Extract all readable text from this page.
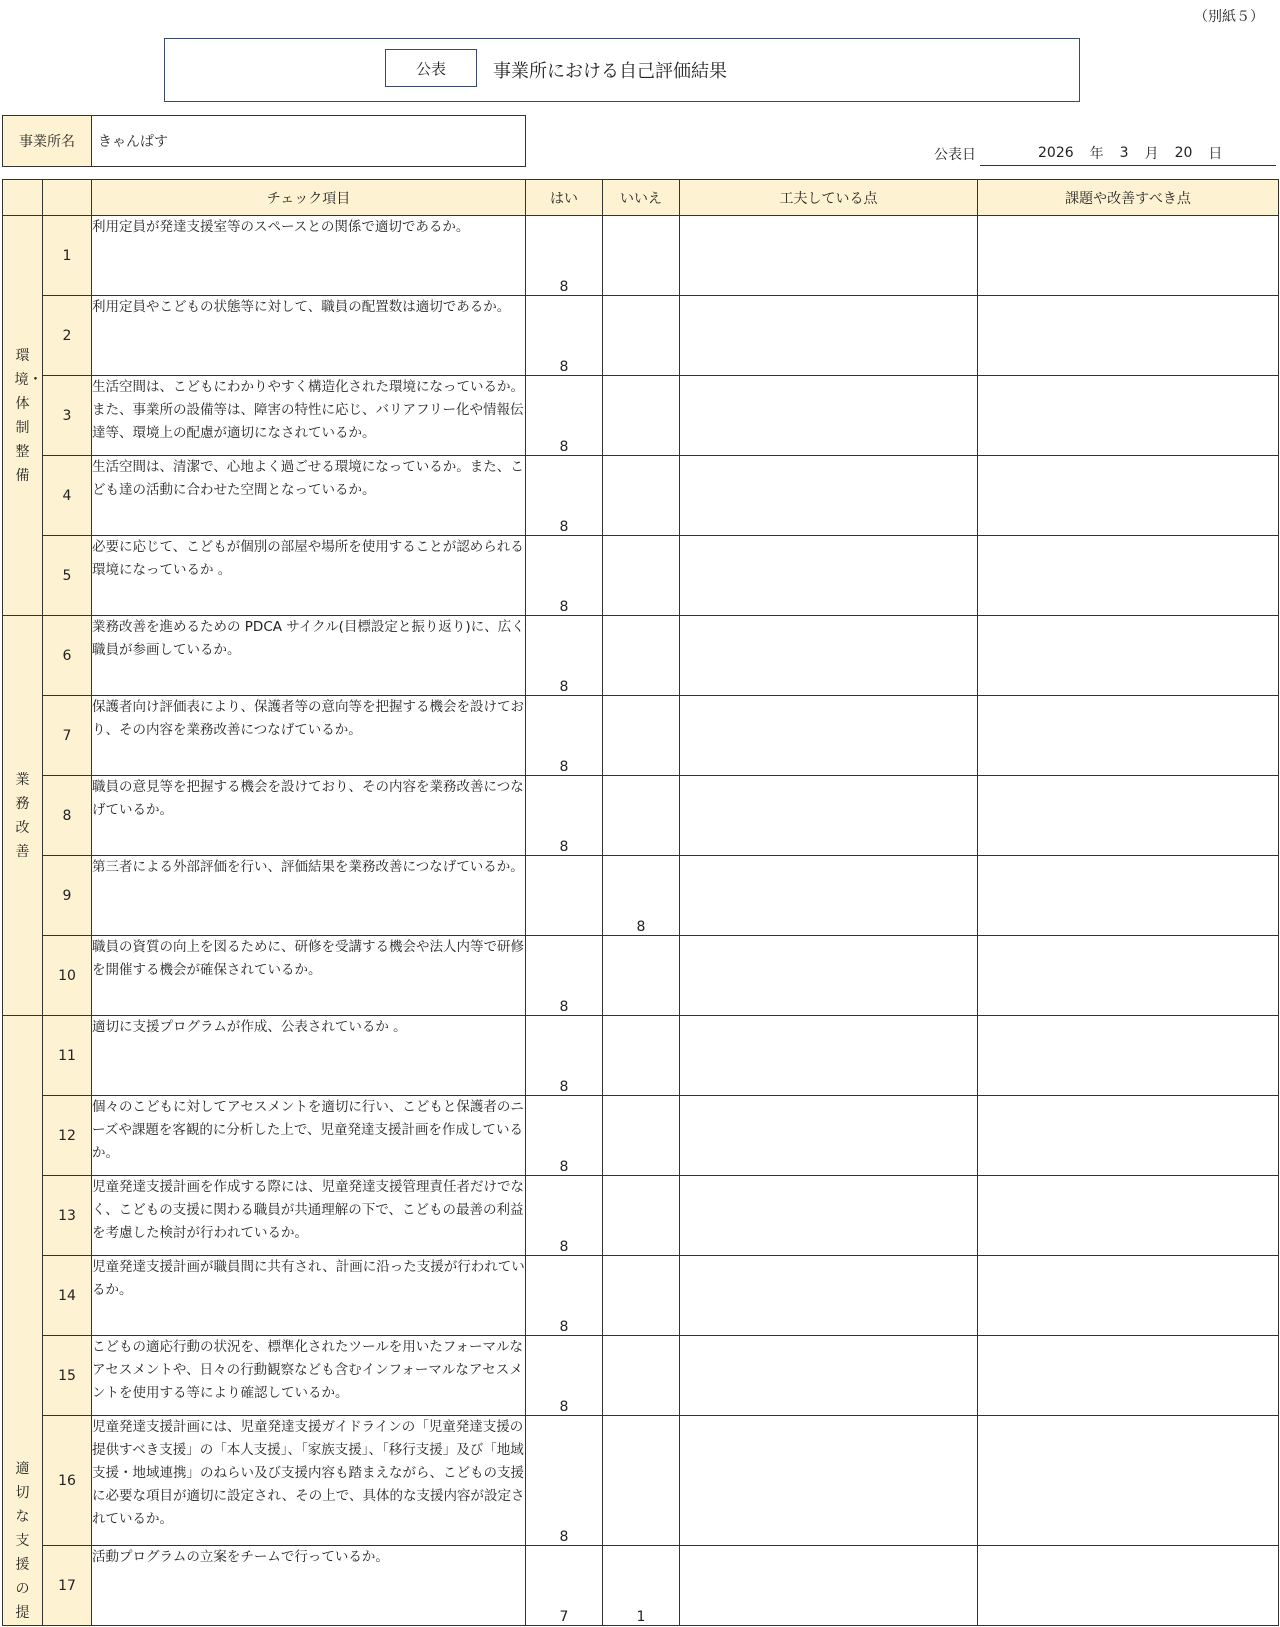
（別紙５）
公表	事業所における自己評価結果
事業所名	きゃんぱす
公表日	2026 年 3 月 20 日
		チェック項目	はい	いいえ	工夫している点	課題や改善すべき点
環境・体制整備	1	利用定員が発達支援室等のスペースとの関係で適切であるか。	8			
	2	利用定員やこどもの状態等に対して、職員の配置数は適切であるか。	8			
	3	生活空間は、こどもにわかりやすく構造化された環境になっているか。また、事業所の設備等は、障害の特性に応じ、バリアフリー化や情報伝達等、環境上の配慮が適切になされているか。	8			
	4	生活空間は、清潔で、心地よく過ごせる環境になっているか。また、こども達の活動に合わせた空間となっているか。	8			
	5	必要に応じて、こどもが個別の部屋や場所を使用することが認められる環境になっているか 。	8			
業務改善	6	業務改善を進めるための PDCA サイクル(目標設定と振り返り)に、広く職員が参画しているか。	8			
	7	保護者向け評価表により、保護者等の意向等を把握する機会を設けており、その内容を業務改善につなげているか。	8			
	8	職員の意見等を把握する機会を設けており、その内容を業務改善につなげているか。	8			
	9	第三者による外部評価を行い、評価結果を業務改善につなげているか。		8		
	10	職員の資質の向上を図るために、研修を受講する機会や法人内等で研修を開催する機会が確保されているか。	8			
適切な支援の提	11	適切に支援プログラムが作成、公表されているか 。	8			
	12	個々のこどもに対してアセスメントを適切に行い、こどもと保護者のニーズや課題を客観的に分析した上で、児童発達支援計画を作成しているか。	8			
	13	児童発達支援計画を作成する際には、児童発達支援管理責任者だけでなく、こどもの支援に関わる職員が共通理解の下で、こどもの最善の利益を考慮した検討が行われているか。	8			
	14	児童発達支援計画が職員間に共有され、計画に沿った支援が行われているか。	8			
	15	こどもの適応行動の状況を、標準化されたツールを用いたフォーマルなアセスメントや、日々の行動観察なども含むインフォーマルなアセスメントを使用する等により確認しているか。	8			
	16	児童発達支援計画には、児童発達支援ガイドラインの「児童発達支援の提供すべき支援」の「本人支援」、「家族支援」、「移行支援」及び「地域支援・地域連携」のねらい及び支援内容も踏まえながら、こどもの支援に必要な項目が適切に設定され、その上で、具体的な支援内容が設定されているか。	8			
	17	活動プログラムの立案をチームで行っているか。	7	1		
